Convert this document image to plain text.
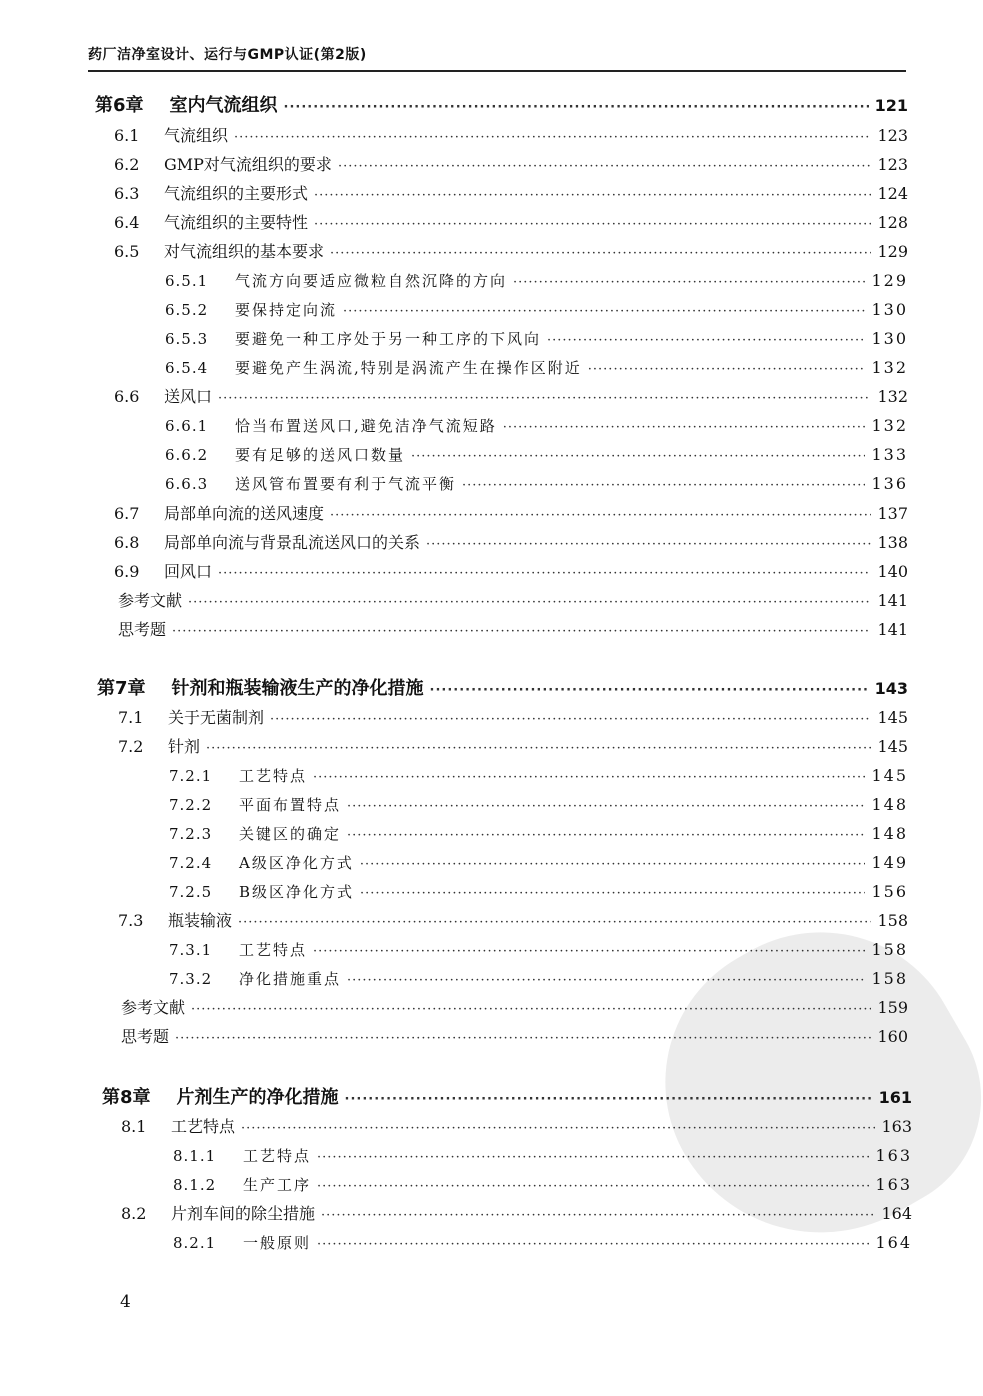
药厂洁净室设计、运行与GMP认证(第2版)
第6章 室内气流组织 ·····	121
6.1	气流组织 ·····	123
6.2	GMP对气流组织的要求 ·····	123
6.3	气流组织的主要形式 ·····	124
6.4	气流组织的主要特性 ·····	128
6.5	对气流组织的基本要求 ·····	129
6.5.1	气流方向要适应微粒自然沉降的方向 ·····	129
6.5.2	要保持定向流 ·····	130
6.5.3	要避免一种工序处于另一种工序的下风向 ·····	130
6.5.4	要避免产生涡流,特别是涡流产生在操作区附近 ·····	132
6.6	送风口 ·····	132
6.6.1	恰当布置送风口,避免洁净气流短路 ·····	132
6.6.2	要有足够的送风口数量 ·····	133
6.6.3	送风管布置要有利于气流平衡 ·····	136
6.7	局部单向流的送风速度 ·····	137
6.8	局部单向流与背景乱流送风口的关系 ·····	138
6.9	回风口 ·····	140
参考文献 ·····	141
思考题 ·····	141
第7章 针剂和瓶装输液生产的净化措施 ·····	143
7.1	关于无菌制剂 ·····	145
7.2	针剂 ·····	145
7.2.1	工艺特点 ·····	145
7.2.2	平面布置特点 ·····	148
7.2.3	关键区的确定 ·····	148
7.2.4	A级区净化方式 ·····	149
7.2.5	B级区净化方式 ·····	156
7.3	瓶装输液 ·····	158
7.3.1	工艺特点 ·····	158
7.3.2	净化措施重点 ·····	158
参考文献 ·····	159
思考题 ·····	160
第8章 片剂生产的净化措施 ·····	161
8.1	工艺特点 ·····	163
8.1.1	工艺特点 ·····	163
8.1.2	生产工序 ·····	163
8.2	片剂车间的除尘措施 ·····	164
8.2.1	一般原则 ·····	164
4
